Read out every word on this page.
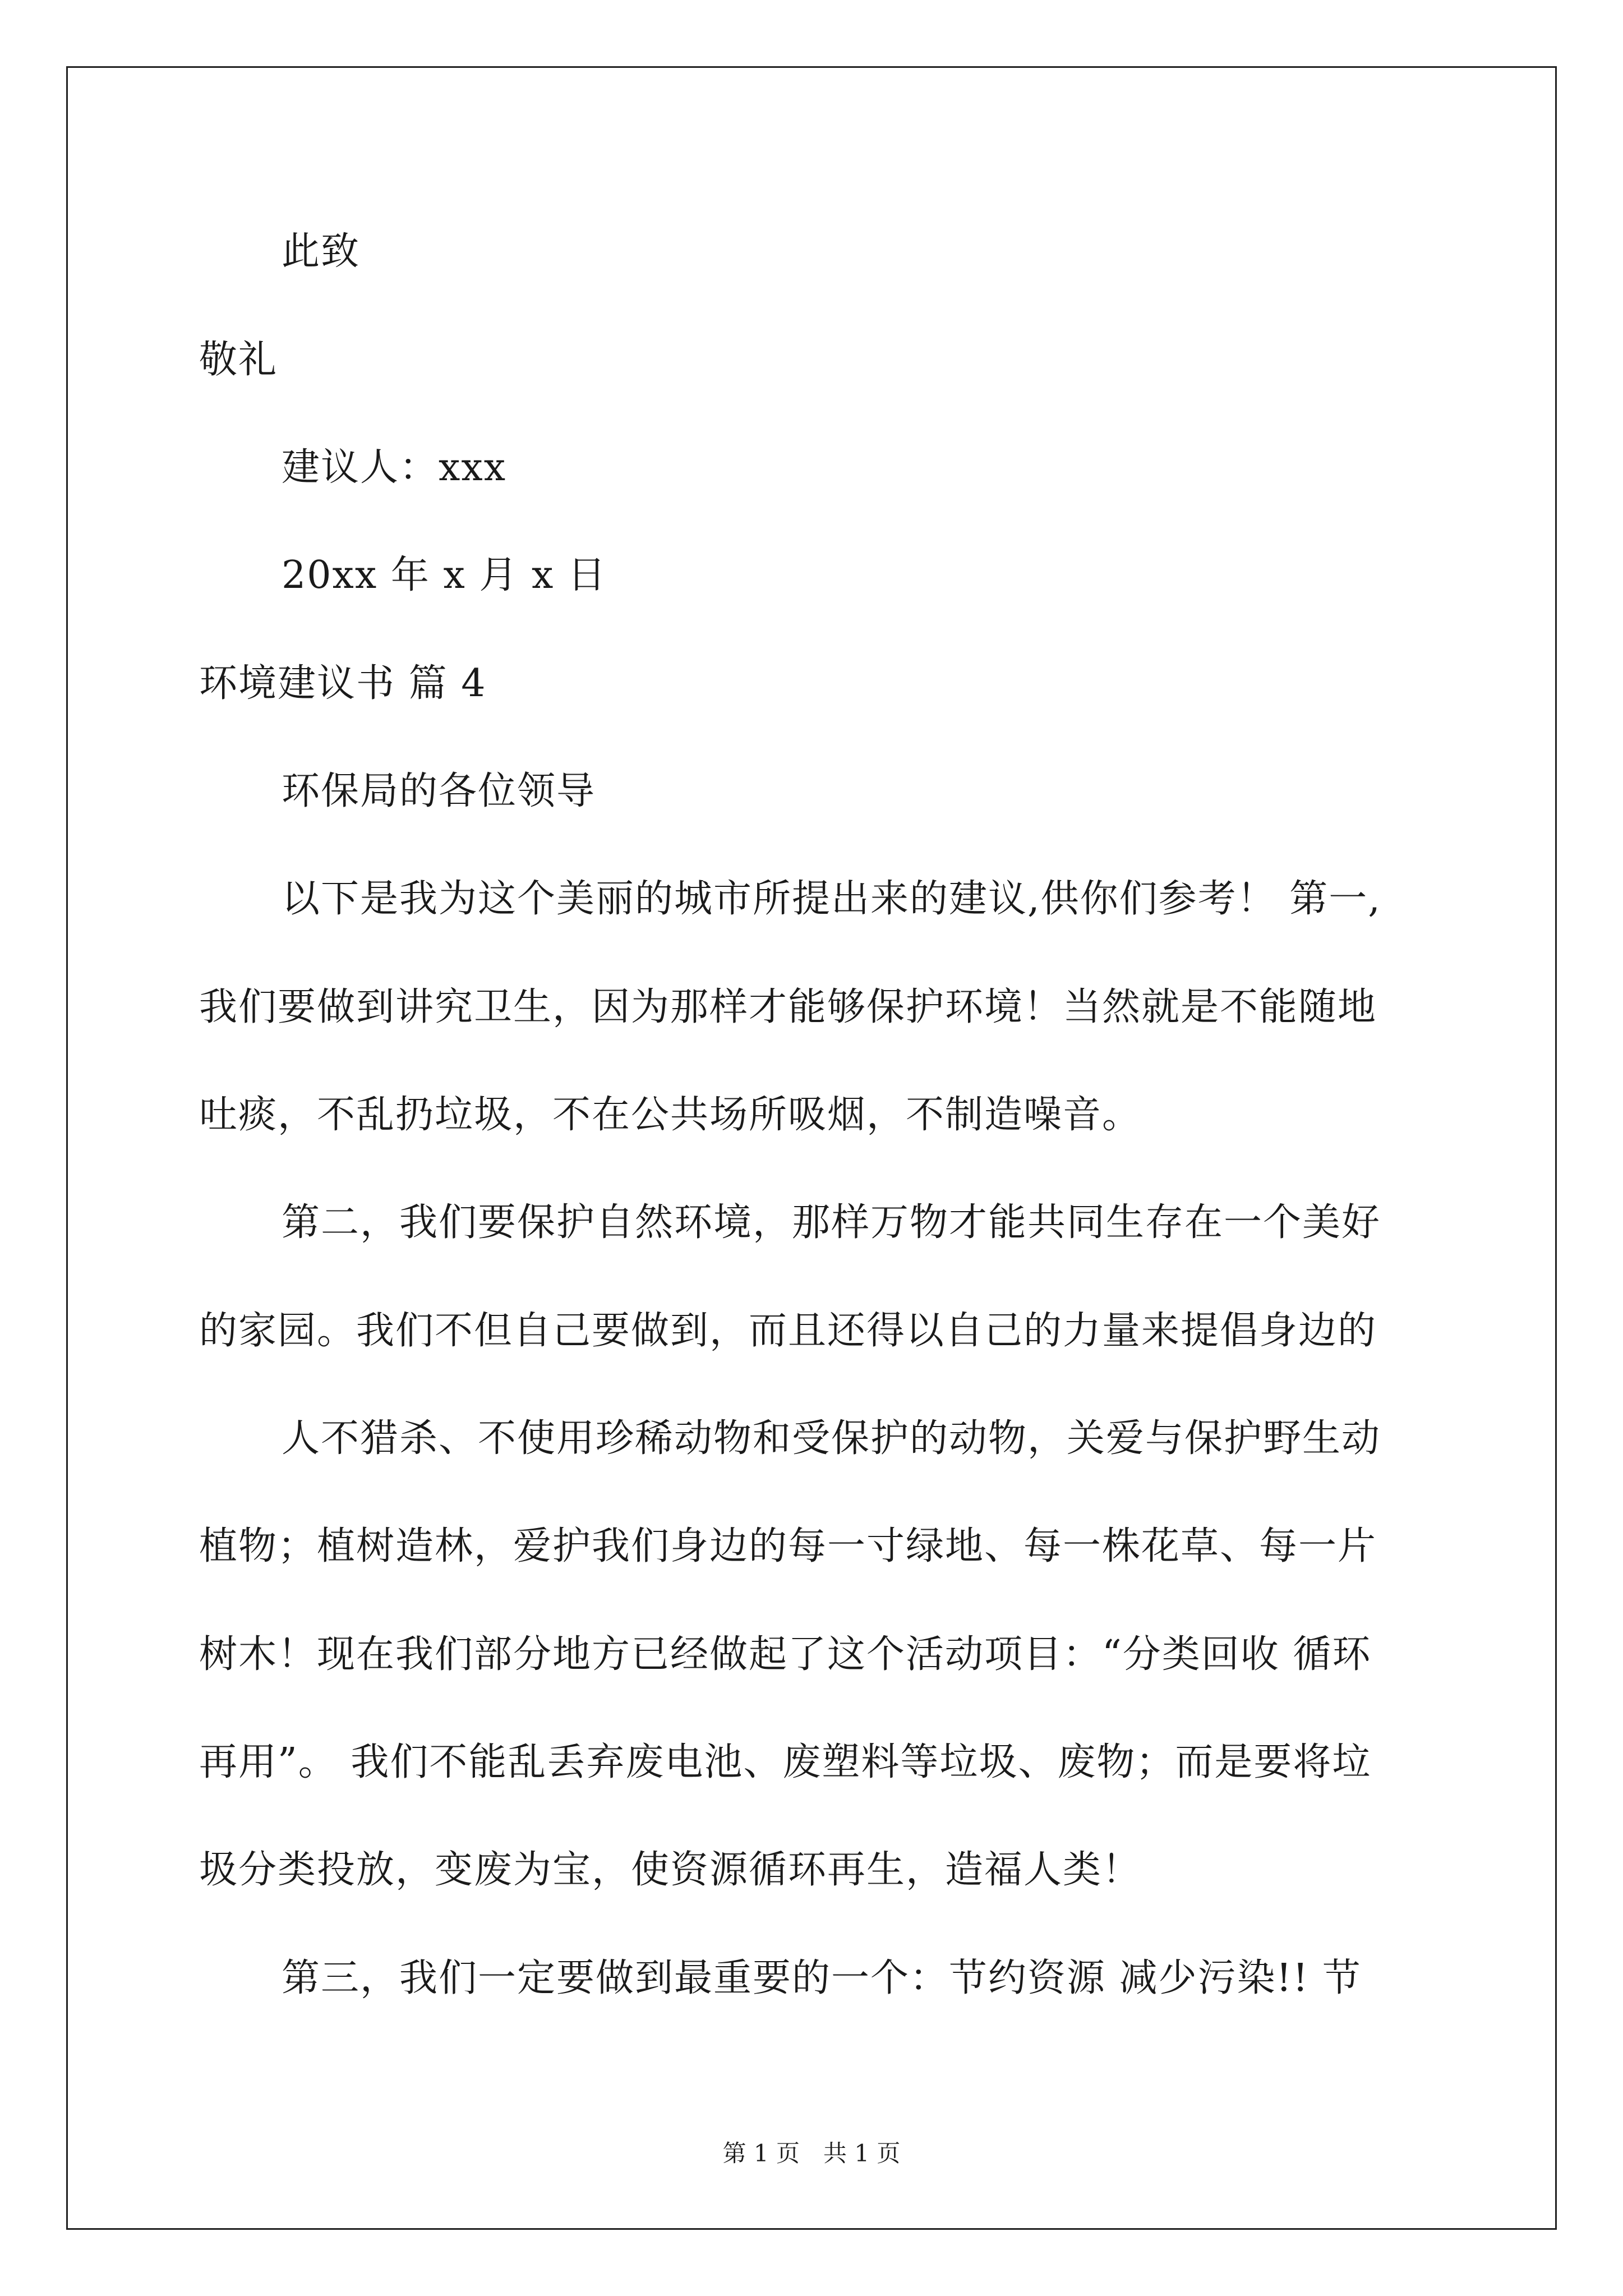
此致
敬礼
建议人：xxx
20xx 年 x 月 x 日
环境建议书 篇 4
环保局的各位领导
以下是我为这个美丽的城市所提出来的建议,供你们参考！ 第一,
我们要做到讲究卫生，因为那样才能够保护环境！当然就是不能随地
吐痰，不乱扔垃圾，不在公共场所吸烟，不制造噪音。
第二，我们要保护自然环境，那样万物才能共同生存在一个美好
的家园。我们不但自己要做到，而且还得以自己的力量来提倡身边的
人不猎杀、不使用珍稀动物和受保护的动物，关爱与保护野生动
植物；植树造林，爱护我们身边的每一寸绿地、每一株花草、每一片
树木！现在我们部分地方已经做起了这个活动项目：“分类回收 循环
再用”。 我们不能乱丢弃废电池、废塑料等垃圾、废物；而是要将垃
圾分类投放，变废为宝，使资源循环再生，造福人类！
第三，我们一定要做到最重要的一个：节约资源 减少污染!! 节
第 1 页　共 1 页
